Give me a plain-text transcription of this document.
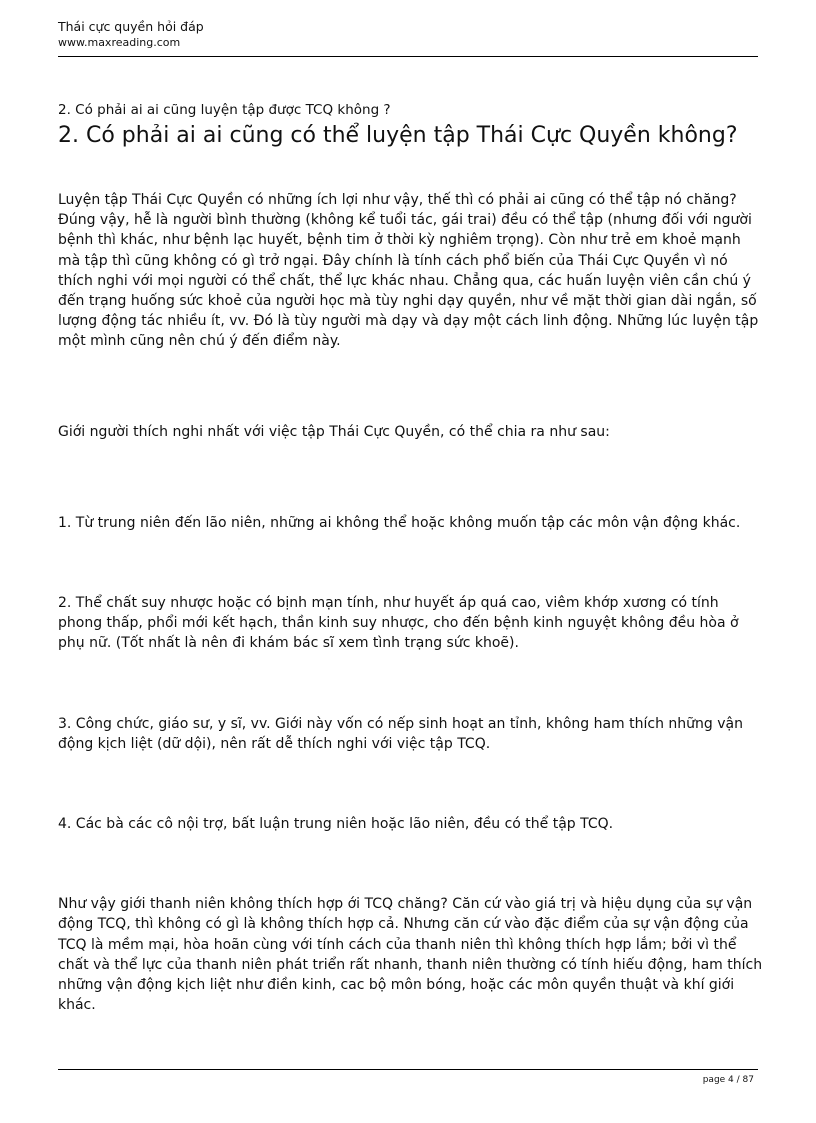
Thái cực quyền hỏi đáp
www.maxreading.com
2. Có phải ai ai cũng luyện tập được TCQ không ?
2. Có phải ai ai cũng có thể luyện tập Thái Cực Quyền không?

Luyện tập Thái Cực Quyền có những ích lợi như vậy, thế thì có phải ai cũng có thể tập nó chăng? Đúng vậy, hễ là người bình thường (không kể tuổi tác, gái trai) đều có thể tập (nhưng đối với người bệnh thì khác, như bệnh lạc huyết, bệnh tim ở thời kỳ nghiêm trọng). Còn như trẻ em khoẻ mạnh mà tập thì cũng không có gì trở ngại. Đây chính là tính cách phổ biến của Thái Cực Quyền vì nó thích nghi với mọi người có thể chất, thể lực khác nhau. Chẳng qua, các huấn luyện viên cần chú ý đến trạng huống sức khoẻ của người học mà tùy nghi dạy quyền, như về mặt thời gian dài ngắn, số lượng động tác nhiều ít, vv. Đó là tùy người mà dạy và dạy một cách linh động. Những lúc luyện tập một mình cũng nên chú ý đến điểm này.

Giới người thích nghi nhất với việc tập Thái Cực Quyền, có thể chia ra như sau:

1. Từ trung niên đến lão niên, những ai không thể hoặc không muốn tập các môn vận động khác.

2. Thể chất suy nhược hoặc có bịnh mạn tính, như huyết áp quá cao, viêm khớp xương có tính phong thấp, phổi mới kết hạch, thần kinh suy nhược, cho đến bệnh kinh nguyệt không đều hòa ở phụ nữ. (Tốt nhất là nên đi khám bác sĩ xem tình trạng sức khoẽ).

3. Công chức, giáo sư, y sĩ, vv. Giới này vốn có nếp sinh hoạt an tỉnh, không ham thích những vận động kịch liệt (dữ dội), nên rất dễ thích nghi với việc tập TCQ.

4. Các bà các cô nội trợ, bất luận trung niên hoặc lão niên, đều có thể tập TCQ.

Như vậy giới thanh niên không thích hợp ới TCQ chăng? Căn cứ vào giá trị và hiệu dụng của sự vận động TCQ, thì không có gì là không thích hợp cả. Nhưng căn cứ vào đặc điểm của sự vận động của TCQ là mềm mại, hòa hoãn cùng với tính cách của thanh niên thì không thích hợp lắm; bởi vì thể chất và thể lực của thanh niên phát triển rất nhanh, thanh niên thường có tính hiếu động, ham thích những vận động kịch liệt như điền kinh, cac bộ môn bóng, hoặc các môn quyền thuật và khí giới khác.

page 4 / 87
